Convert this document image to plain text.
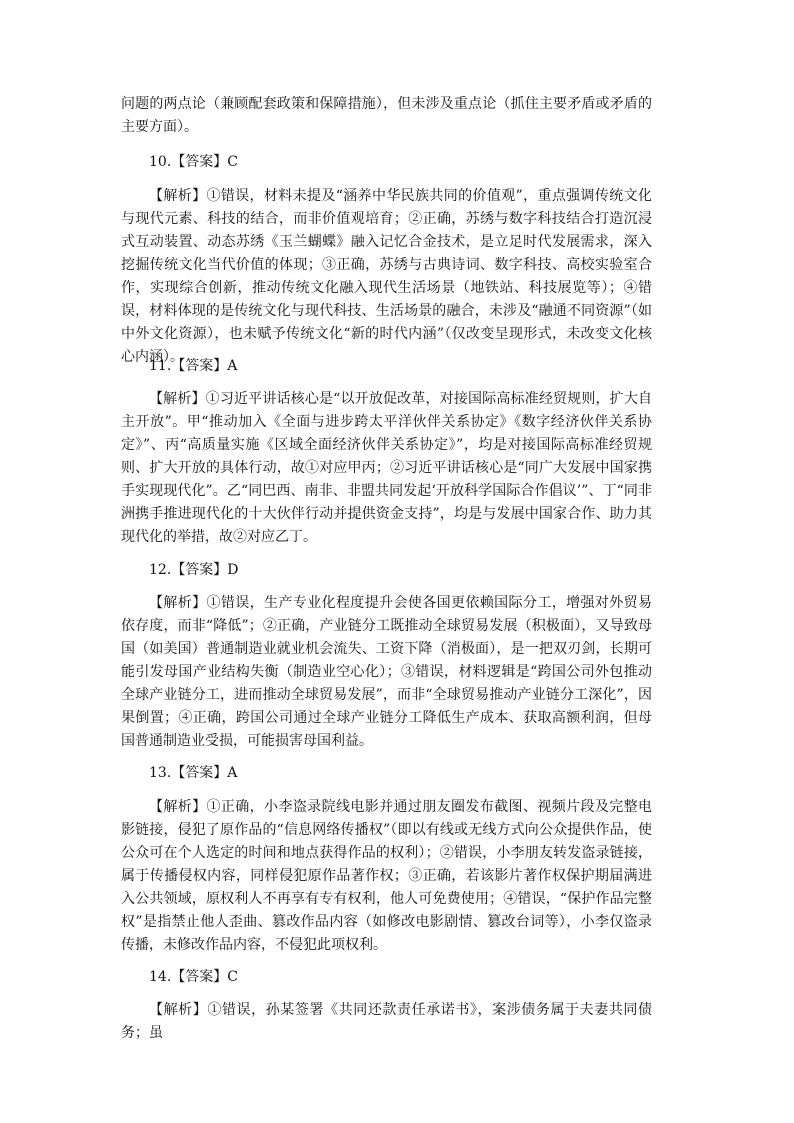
问题的两点论（兼顾配套政策和保障措施），但未涉及重点论（抓住主要矛盾或矛盾的主要方面）。

10.【答案】C

【解析】①错误，材料未提及“涵养中华民族共同的价值观”，重点强调传统文化与现代元素、科技的结合，而非价值观培育；②正确，苏绣与数字科技结合打造沉浸式互动装置、动态苏绣《玉兰蝴蝶》融入记忆合金技术，是立足时代发展需求，深入挖掘传统文化当代价值的体现；③正确，苏绣与古典诗词、数字科技、高校实验室合作，实现综合创新，推动传统文化融入现代生活场景（地铁站、科技展览等）；④错误，材料体现的是传统文化与现代科技、生活场景的融合，未涉及“融通不同资源”（如中外文化资源），也未赋予传统文化“新的时代内涵”（仅改变呈现形式，未改变文化核心内涵）。

11.【答案】A

【解析】①习近平讲话核心是“以开放促改革，对接国际高标准经贸规则，扩大自主开放”。甲“推动加入《全面与进步跨太平洋伙伴关系协定》《数字经济伙伴关系协定》”、丙“高质量实施《区域全面经济伙伴关系协定》”，均是对接国际高标准经贸规则、扩大开放的具体行动，故①对应甲丙；②习近平讲话核心是“同广大发展中国家携手实现现代化”。乙“同巴西、南非、非盟共同发起‘开放科学国际合作倡议’”、丁“同非洲携手推进现代化的十大伙伴行动并提供资金支持”，均是与发展中国家合作、助力其现代化的举措，故②对应乙丁。

12.【答案】D

【解析】①错误，生产专业化程度提升会使各国更依赖国际分工，增强对外贸易依存度，而非“降低”；②正确，产业链分工既推动全球贸易发展（积极面），又导致母国（如美国）普通制造业就业机会流失、工资下降（消极面），是一把双刃剑，长期可能引发母国产业结构失衡（制造业空心化）；③错误，材料逻辑是“跨国公司外包推动全球产业链分工，进而推动全球贸易发展”，而非“全球贸易推动产业链分工深化”，因果倒置；④正确，跨国公司通过全球产业链分工降低生产成本、获取高额利润，但母国普通制造业受损，可能损害母国利益。

13.【答案】A

【解析】①正确，小李盗录院线电影并通过朋友圈发布截图、视频片段及完整电影链接，侵犯了原作品的“信息网络传播权”（即以有线或无线方式向公众提供作品，使公众可在个人选定的时间和地点获得作品的权利）；②错误，小李朋友转发盗录链接，属于传播侵权内容，同样侵犯原作品著作权；③正确，若该影片著作权保护期届满进入公共领域，原权利人不再享有专有权利，他人可免费使用；④错误，“保护作品完整权”是指禁止他人歪曲、篡改作品内容（如修改电影剧情、篡改台词等），小李仅盗录传播，未修改作品内容，不侵犯此项权利。

14.【答案】C

【解析】①错误，孙某签署《共同还款责任承诺书》，案涉债务属于夫妻共同债务；虽
